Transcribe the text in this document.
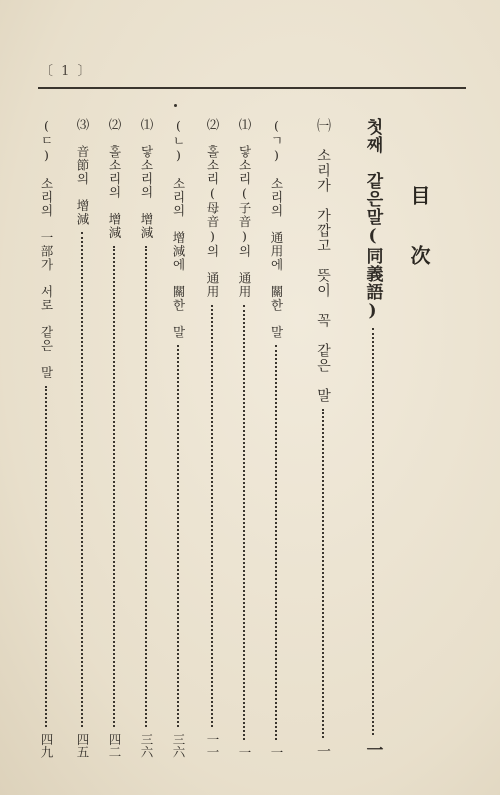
〔 1 〕
目　次
첫째　같은말(同義語)
一
㈠　소리가　가깝고　뜻이　꼭　같은　말
一
(ㄱ)　소리의　通用에　關한　말
一
⑴　닿소리(子音)의　通用
一
⑵　홀소리(母音)의　通用
一一
(ㄴ)　소리의　增減에　關한　말
三六
⑴　닿소리의　增減
三六
⑵　홀소리의　增減
四二
⑶　音節의　增減
四五
(ㄷ)　소리의　一部가　서로　같은　말
四九
